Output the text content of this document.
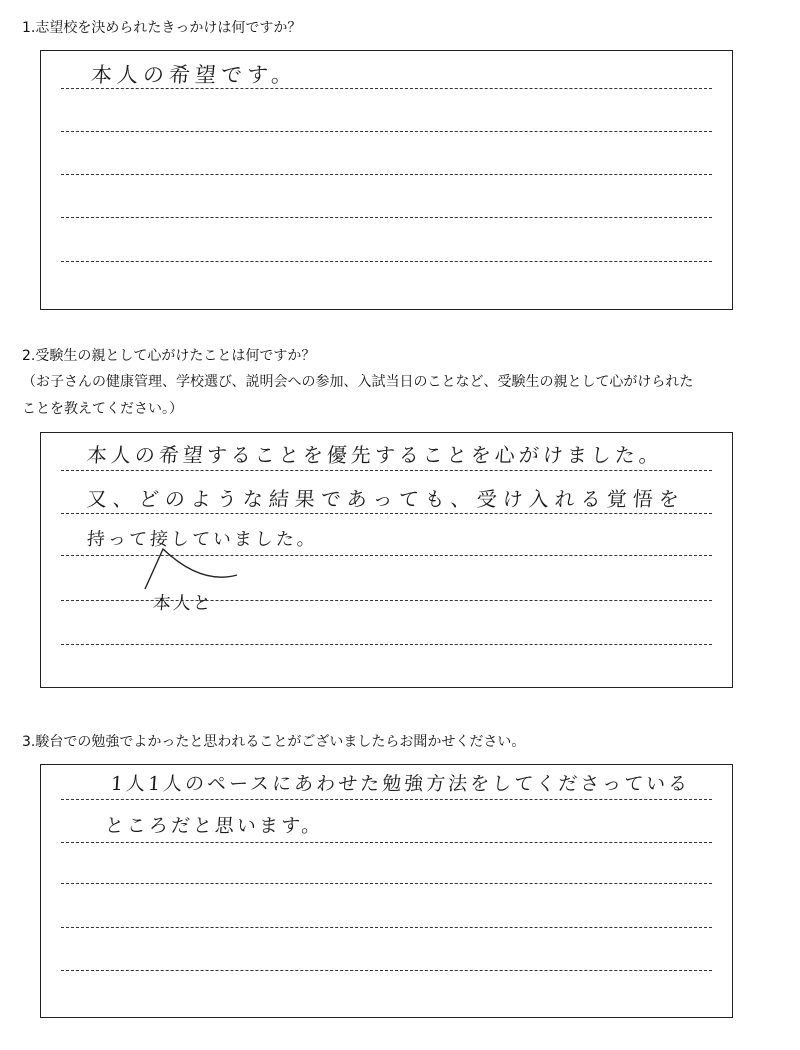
1.志望校を決められたきっかけは何ですか？
本人の希望です。
2.受験生の親として心がけたことは何ですか？
（お子さんの健康管理、学校選び、説明会への参加、入試当日のことなど、受験生の親として心がけられた
ことを教えてください。）
本人の希望することを優先することを心がけました。
又、どのような結果であっても、受け入れる覚悟を
持って接していました。
本人と
3.駿台での勉強でよかったと思われることがございましたらお聞かせください。
1人1人のペースにあわせた勉強方法をしてくださっている
ところだと思います。
